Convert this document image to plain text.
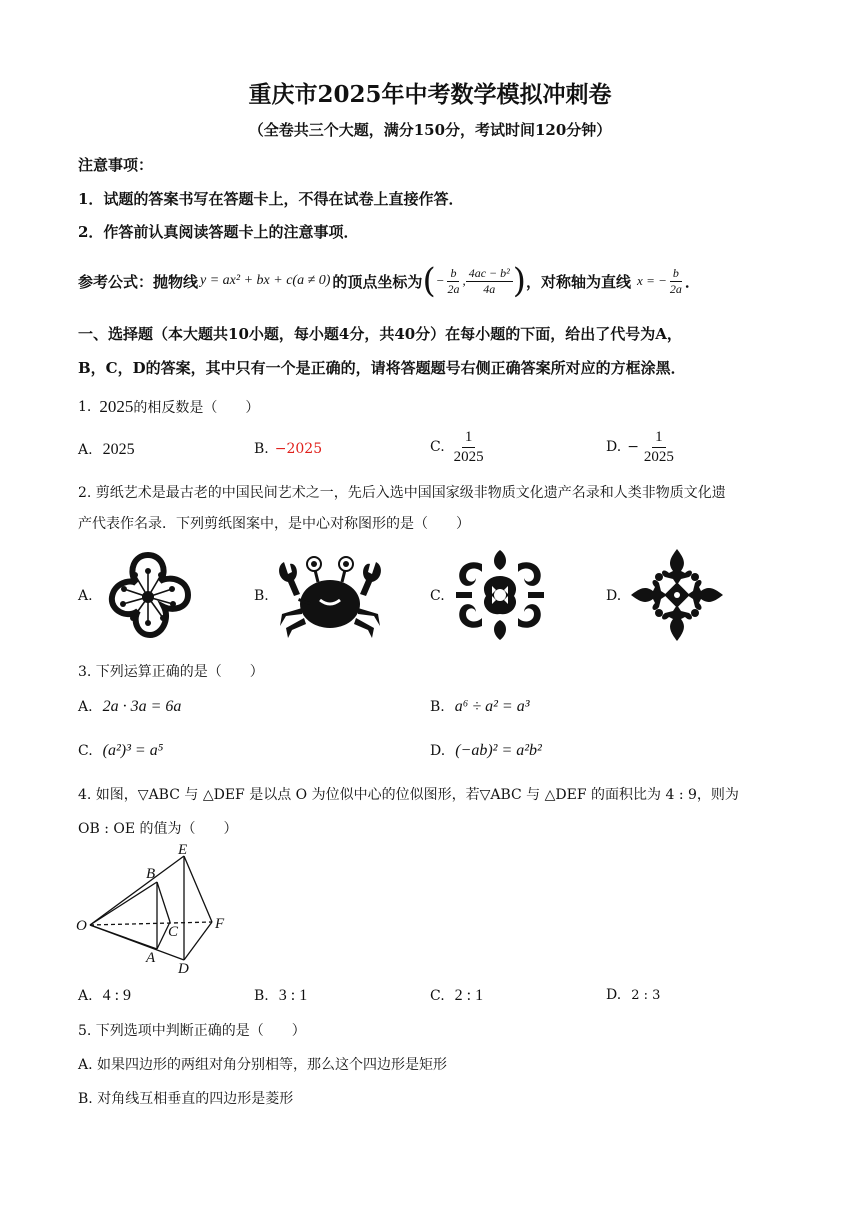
重庆市2025年中考数学模拟冲刺卷
（全卷共三个大题，满分150分，考试时间120分钟）
注意事项：
1．试题的答案书写在答题卡上，不得在试卷上直接作答．
2．作答前认真阅读答题卡上的注意事项．
参考公式：抛物线 y = ax² + bx + c(a ≠ 0) 的顶点坐标为 ( − $\frac{b}{2a}$ , $\frac{\text{4ac − b²}}{4a}$ ) ，对称轴为直线 x = − $\frac{b}{2a}$ ．
一、选择题（本大题共10小题，每小题4分，共40分）在每小题的下面，给出了代号为A，
B，C，D的答案，其中只有一个是正确的，请将答题题号右侧正确答案所对应的方框涂黑．
1. 2025 的相反数是（　　）
A. 2025	B. −2025	C. $\frac{1}{2025}$	D. − $\frac{1}{2025}$
2. 剪纸艺术是最古老的中国民间艺术之一，先后入选中国国家级非物质文化遗产名录和人类非物质文化遗
产代表作名录．下列剪纸图案中，是中心对称图形的是（　　）
A.	B.	C.	D.
3. 下列运算正确的是（　　）
A. 2a · 3a = 6a	B. a⁶ ÷ a² = a³
C. (a²)³ = a⁵	D. (−ab)² = a²b²
4. 如图，▽ABC 与 △DEF 是以点 O 为位似中心的位似图形，若▽ABC 与 △DEF 的面积比为 4 : 9，则为
OB : OE 的值为（　　）
O
B
E
C F
A
D
A. 4 : 9	B. 3 : 1	C. 2 : 1	D. 2 : 3
5. 下列选项中判断正确的是（　　）
A. 如果四边形的两组对角分别相等，那么这个四边形是矩形
B. 对角线互相垂直的四边形是菱形
